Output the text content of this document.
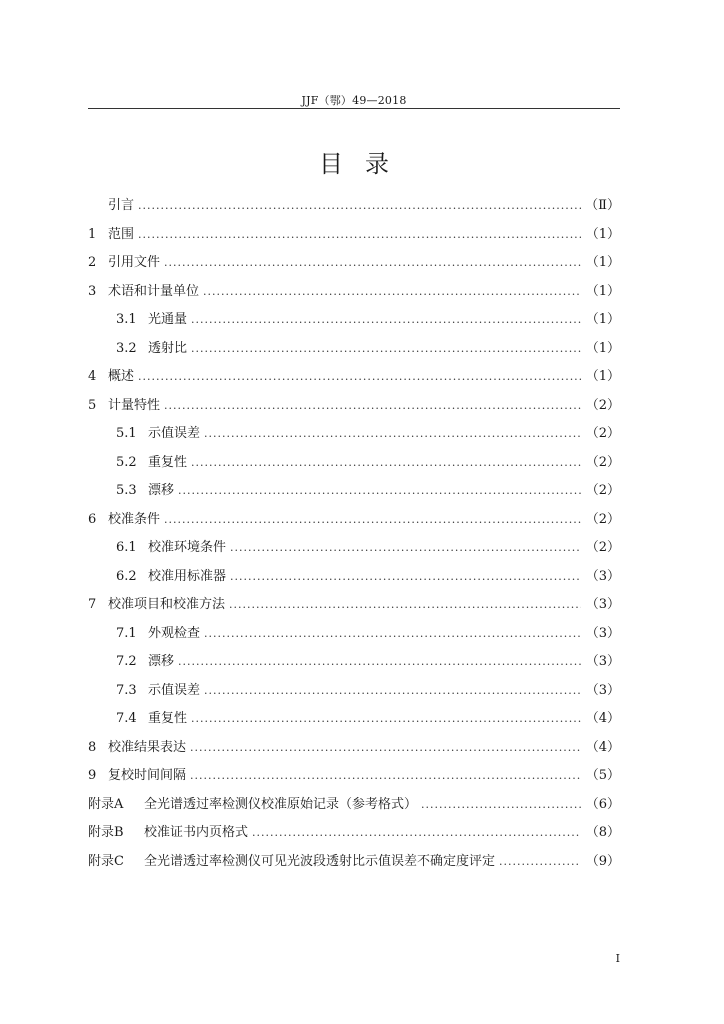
JJF（鄂）49—2018
目录
引言 .....	（Ⅱ）
1 范围 .....	（1）
2 引用文件 .....	（1）
3 术语和计量单位 .....	（1）
3.1 光通量 .....	（1）
3.2 透射比 .....	（1）
4 概述 .....	（1）
5 计量特性 .....	（2）
5.1 示值误差 .....	（2）
5.2 重复性 .....	（2）
5.3 漂移 .....	（2）
6 校准条件 .....	（2）
6.1 校准环境条件 .....	（2）
6.2 校准用标准器 .....	（3）
7 校准项目和校准方法 .....	（3）
7.1 外观检查 .....	（3）
7.2 漂移 .....	（3）
7.3 示值误差 .....	（3）
7.4 重复性 .....	（4）
8 校准结果表达 .....	（4）
9 复校时间间隔 .....	（5）
附录A	全光谱透过率检测仪校准原始记录（参考格式） .....	（6）
附录B	校准证书内页格式 .....	（8）
附录C	全光谱透过率检测仪可见光波段透射比示值误差不确定度评定 .....	（9）
I
